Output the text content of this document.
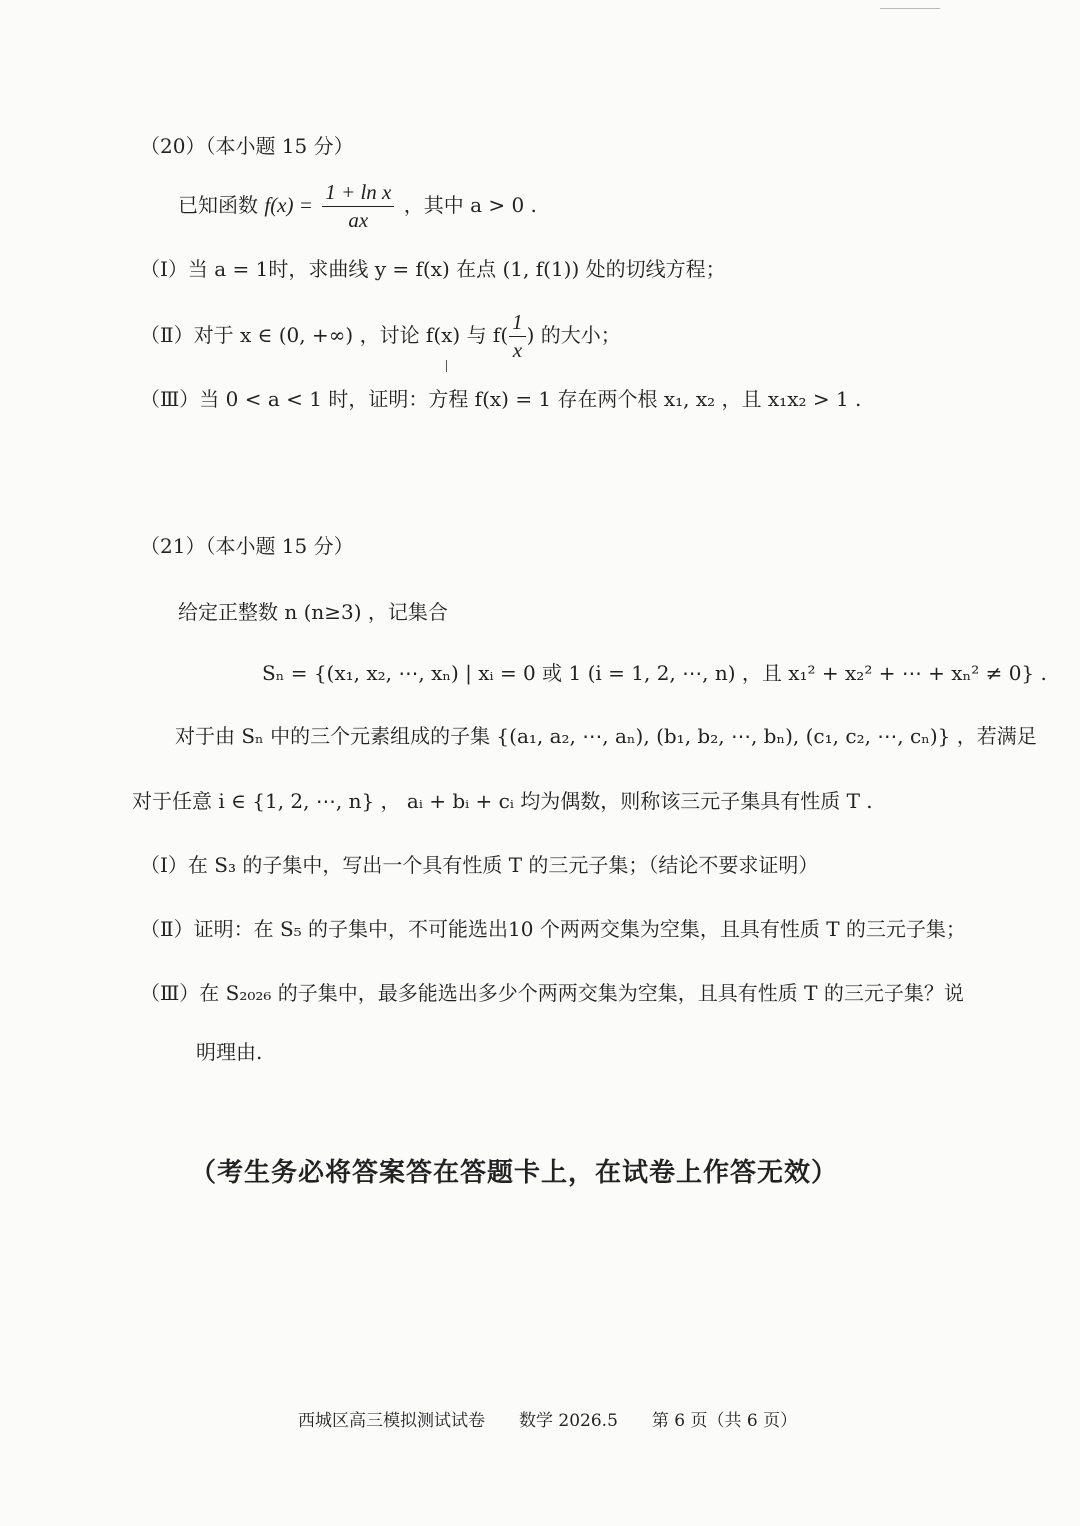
（20）（本小题 15 分）
已知函数 $f(x) = \frac{\text{1 + ln x}}{ax}$ ，其中 a > 0 .
（Ⅰ）当 a = 1时，求曲线 y = f(x) 在点 (1, f(1)) 处的切线方程；
（Ⅱ）对于 x ∈ (0, +∞) ，讨论 f(x) 与 $f( \frac{1}{x}$ ) 的大小；
（Ⅲ）当 0 < a < 1 时，证明：方程 f(x) = 1 存在两个根 x₁, x₂ ，且 x₁x₂ > 1 .
（21）（本小题 15 分）
给定正整数 n (n≥3) ，记集合
Sₙ = {(x₁, x₂, ⋯, xₙ) | xᵢ = 0 或 1 (i = 1, 2, ⋯, n) ，且 x₁² + x₂² + ⋯ + xₙ² ≠ 0} .
对于由 Sₙ 中的三个元素组成的子集 {(a₁, a₂, ⋯, aₙ), (b₁, b₂, ⋯, bₙ), (c₁, c₂, ⋯, cₙ)} ，若满足
对于任意 i ∈ {1, 2, ⋯, n} ， aᵢ + bᵢ + cᵢ 均为偶数，则称该三元子集具有性质 T .
（Ⅰ）在 S₃ 的子集中，写出一个具有性质 T 的三元子集；（结论不要求证明）
（Ⅱ）证明：在 S₅ 的子集中，不可能选出10 个两两交集为空集，且具有性质 T 的三元子集；
（Ⅲ）在 S₂₀₂₆ 的子集中，最多能选出多少个两两交集为空集，且具有性质 T 的三元子集？说
明理由.
（考生务必将答案答在答题卡上，在试卷上作答无效）
西城区高三模拟测试试卷　　数学 2026.5　　第 6 页（共 6 页）
